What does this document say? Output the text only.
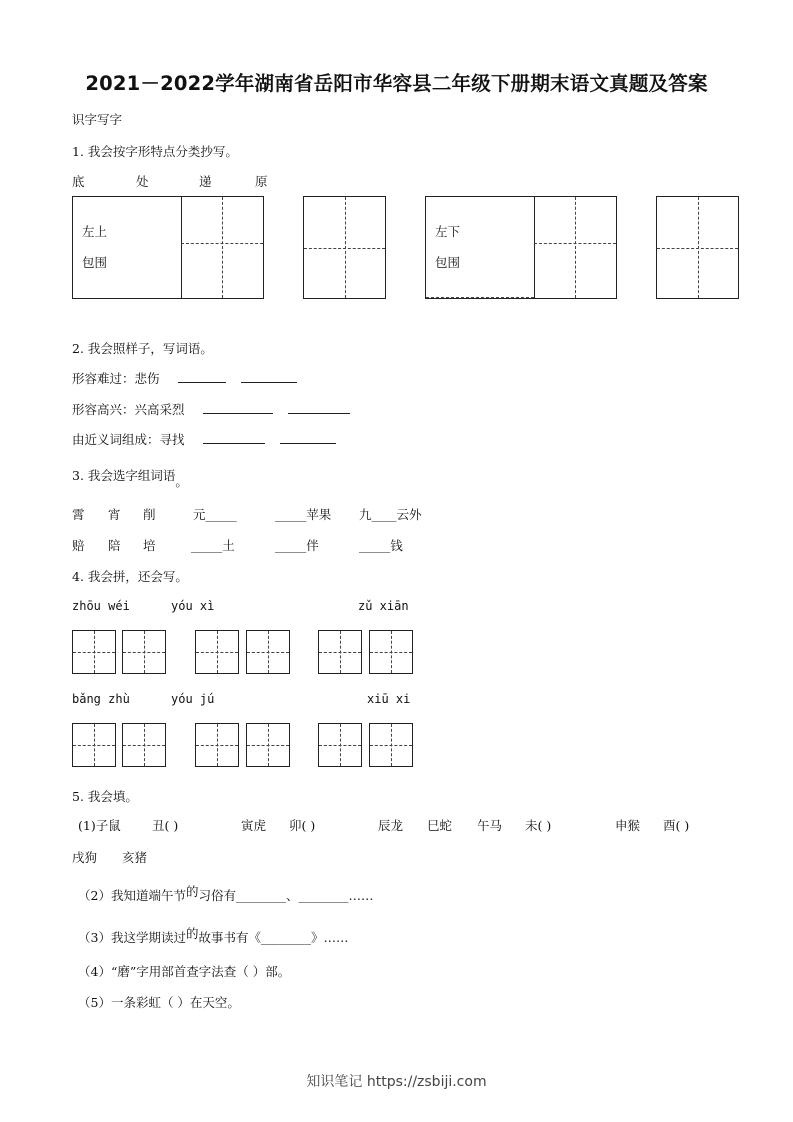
2021－2022学年湖南省岳阳市华容县二年级下册期末语文真题及答案
识字写字
1. 我会按字形特点分类抄写。
底	处	递	原
左上
包围
左下
包围
2. 我会照样子，写词语。
形容难过：悲伤
形容高兴：兴高采烈
由近义词组成：寻找
3. 我会选字组词语。
霄 宵 削	元_____	_____苹果 九____云外
赔 陪 培	_____土	_____伴	_____钱
4. 我会拼，还会写。
zhōu wéi	yóu xì	zǔ xiān
bǎng zhù	yóu jú	xiū xi
5. 我会填。
(1)子鼠	丑( )	寅虎 卯( )	辰龙 巳蛇 午马 未( )	申猴 酉( )
戌狗 亥猪
（2）我知道端午节的习俗有________、________……
（3）我这学期读过的故事书有《________》……
（4）“磨”字用部首查字法查（ ）部。
（5）一条彩虹（ ）在天空。
知识笔记 https://zsbiji.com
